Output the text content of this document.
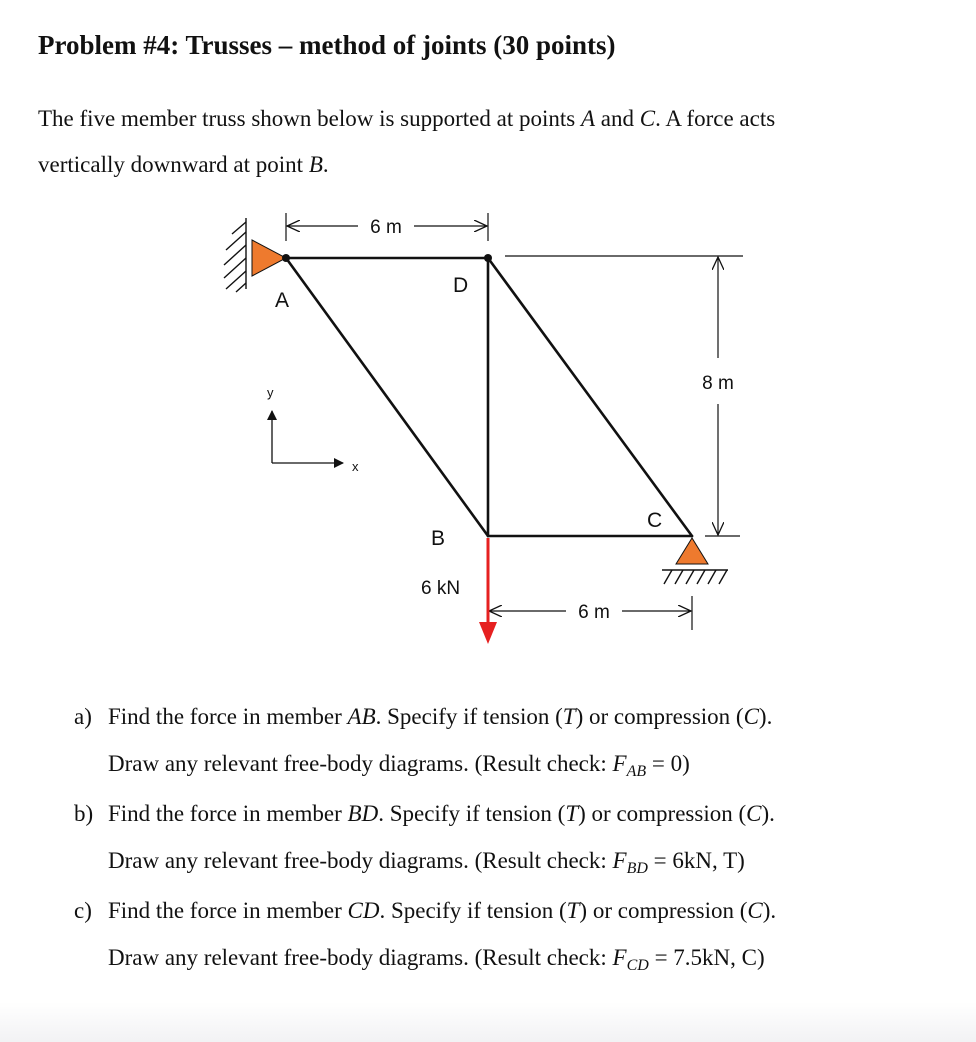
Problem #4: Trusses – method of joints (30 points)

The five member truss shown below is supported at points A and C. A force acts
vertically downward at point B.

6 m
6 m
8 m
A
D
B
C
6 kN
y
x
a) Find the force in member AB. Specify if tension (T) or compression (C).
Draw any relevant free-body diagrams. (Result check: $F_{AB} = 0$)
b) Find the force in member BD. Specify if tension (T) or compression (C).
Draw any relevant free-body diagrams. (Result check: $F_{BD} = 6kN$, T)
c) Find the force in member CD. Specify if tension (T) or compression (C).
Draw any relevant free-body diagrams. (Result check: $F_{CD} = 7.5kN$, C)
